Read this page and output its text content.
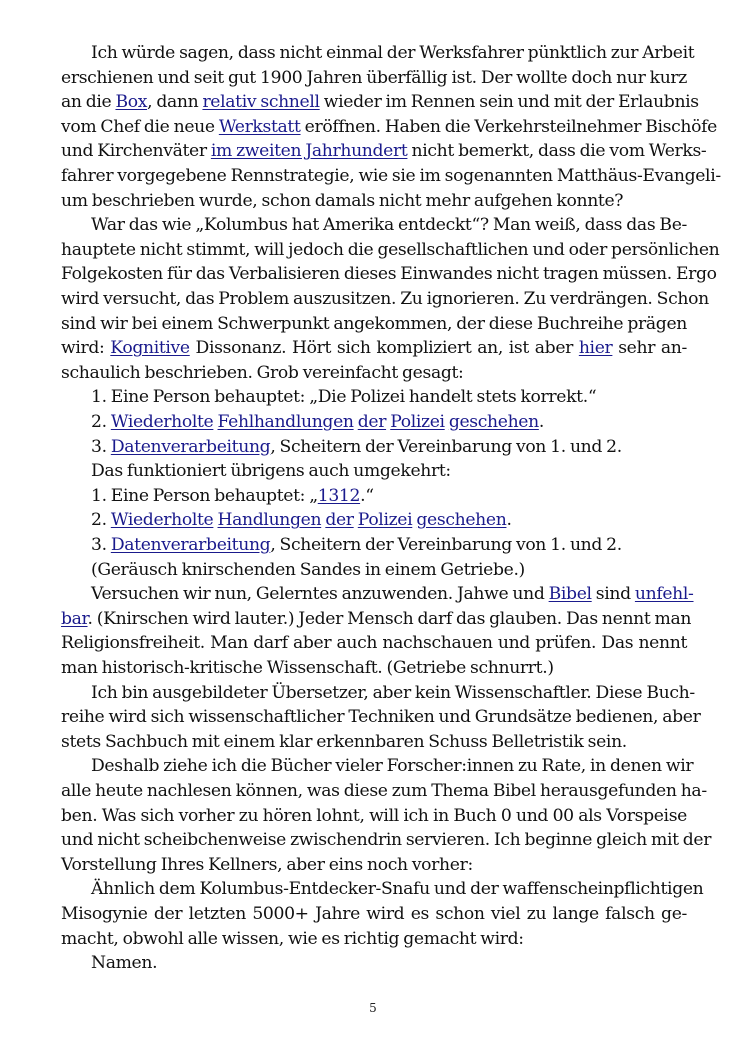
Ich würde sagen, dass nicht einmal der Werksfahrer pünktlich zur Arbeit
erschienen und seit gut 1900 Jahren überfällig ist. Der wollte doch nur kurz
an die Box, dann relativ schnell wieder im Rennen sein und mit der Erlaubnis
vom Chef die neue Werkstatt eröffnen. Haben die Verkehrsteilnehmer Bischöfe
und Kirchenväter im zweiten Jahrhundert nicht bemerkt, dass die vom Werks-
fahrer vorgegebene Rennstrategie, wie sie im sogenannten Matthäus-Evangeli-
um beschrieben wurde, schon damals nicht mehr aufgehen konnte?
War das wie „Kolumbus hat Amerika entdeckt“? Man weiß, dass das Be-
hauptete nicht stimmt, will jedoch die gesellschaftlichen und oder persönlichen
Folgekosten für das Verbalisieren dieses Einwandes nicht tragen müssen. Ergo
wird versucht, das Problem auszusitzen. Zu ignorieren. Zu verdrängen. Schon
sind wir bei einem Schwerpunkt angekommen, der diese Buchreihe prägen
wird: Kognitive Dissonanz. Hört sich kompliziert an, ist aber hier sehr an-
schaulich beschrieben. Grob vereinfacht gesagt:
1. Eine Person behauptet: „Die Polizei handelt stets korrekt.“
2. Wiederholte Fehlhandlungen der Polizei geschehen.
3. Datenverarbeitung, Scheitern der Vereinbarung von 1. und 2.
Das funktioniert übrigens auch umgekehrt:
1. Eine Person behauptet: „1312.“
2. Wiederholte Handlungen der Polizei geschehen.
3. Datenverarbeitung, Scheitern der Vereinbarung von 1. und 2.
(Geräusch knirschenden Sandes in einem Getriebe.)
Versuchen wir nun, Gelerntes anzuwenden. Jahwe und Bibel sind unfehl-
bar. (Knirschen wird lauter.) Jeder Mensch darf das glauben. Das nennt man
Religionsfreiheit. Man darf aber auch nachschauen und prüfen. Das nennt
man historisch-kritische Wissenschaft. (Getriebe schnurrt.)
Ich bin ausgebildeter Übersetzer, aber kein Wissenschaftler. Diese Buch-
reihe wird sich wissenschaftlicher Techniken und Grundsätze bedienen, aber
stets Sachbuch mit einem klar erkennbaren Schuss Belletristik sein.
Deshalb ziehe ich die Bücher vieler Forscher:innen zu Rate, in denen wir
alle heute nachlesen können, was diese zum Thema Bibel herausgefunden ha-
ben. Was sich vorher zu hören lohnt, will ich in Buch 0 und 00 als Vorspeise
und nicht scheibchenweise zwischendrin servieren. Ich beginne gleich mit der
Vorstellung Ihres Kellners, aber eins noch vorher:
Ähnlich dem Kolumbus-Entdecker-Snafu und der waffenscheinpflichtigen
Misogynie der letzten 5000+ Jahre wird es schon viel zu lange falsch ge-
macht, obwohl alle wissen, wie es richtig gemacht wird:
Namen.
5
